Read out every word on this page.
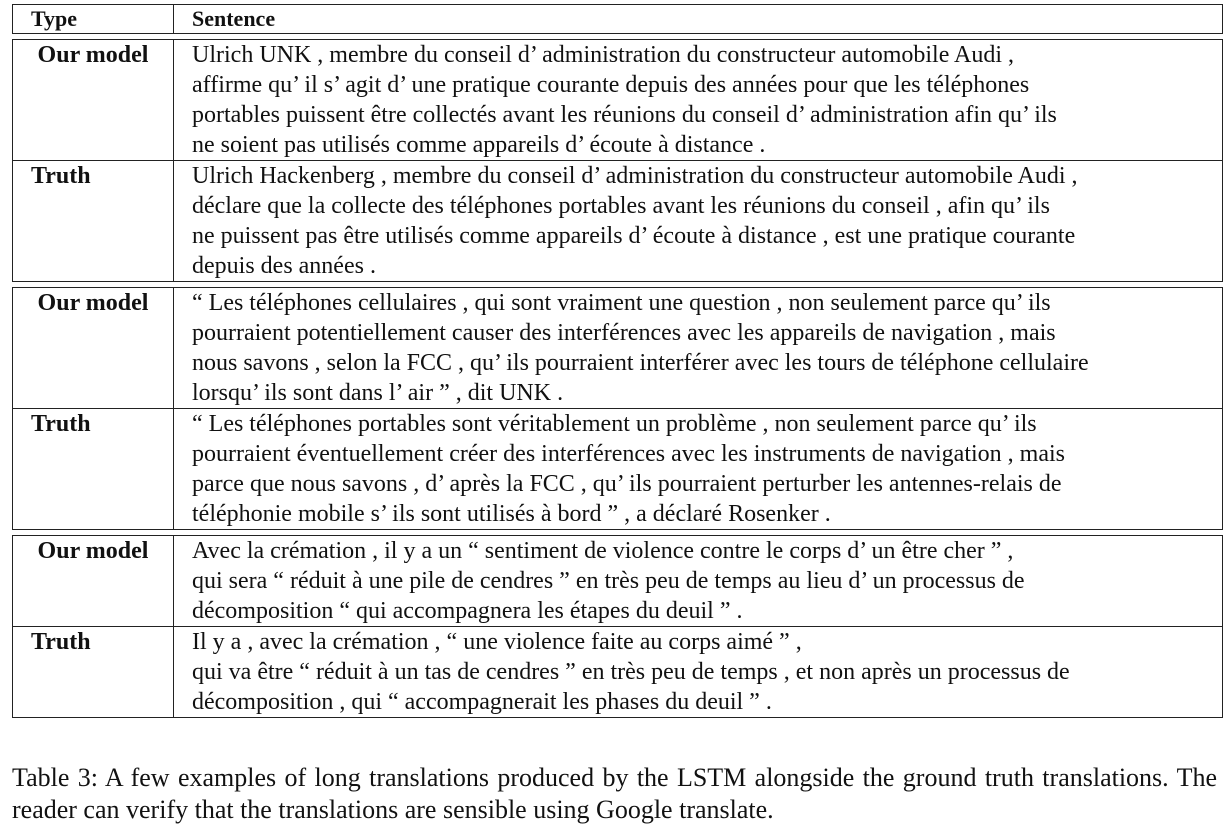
Type	Sentence
Our model	Ulrich UNK , membre du conseil d’ administration du constructeur automobile Audi ,
affirme qu’ il s’ agit d’ une pratique courante depuis des années pour que les téléphones
portables puissent être collectés avant les réunions du conseil d’ administration afin qu’ ils
ne soient pas utilisés comme appareils d’ écoute à distance .
Truth	Ulrich Hackenberg , membre du conseil d’ administration du constructeur automobile Audi ,
déclare que la collecte des téléphones portables avant les réunions du conseil , afin qu’ ils
ne puissent pas être utilisés comme appareils d’ écoute à distance , est une pratique courante
depuis des années .
Our model	“ Les téléphones cellulaires , qui sont vraiment une question , non seulement parce qu’ ils
pourraient potentiellement causer des interférences avec les appareils de navigation , mais
nous savons , selon la FCC , qu’ ils pourraient interférer avec les tours de téléphone cellulaire
lorsqu’ ils sont dans l’ air ” , dit UNK .
Truth	“ Les téléphones portables sont véritablement un problème , non seulement parce qu’ ils
pourraient éventuellement créer des interférences avec les instruments de navigation , mais
parce que nous savons , d’ après la FCC , qu’ ils pourraient perturber les antennes-relais de
téléphonie mobile s’ ils sont utilisés à bord ” , a déclaré Rosenker .
Our model	Avec la crémation , il y a un “ sentiment de violence contre le corps d’ un être cher ” ,
qui sera “ réduit à une pile de cendres ” en très peu de temps au lieu d’ un processus de
décomposition “ qui accompagnera les étapes du deuil ” .
Truth	Il y a , avec la crémation , “ une violence faite au corps aimé ” ,
qui va être “ réduit à un tas de cendres ” en très peu de temps , et non après un processus de
décomposition , qui “ accompagnerait les phases du deuil ” .
Table 3: A few examples of long translations produced by the LSTM alongside the ground truth translations. The reader can verify that the translations are sensible using Google translate.
